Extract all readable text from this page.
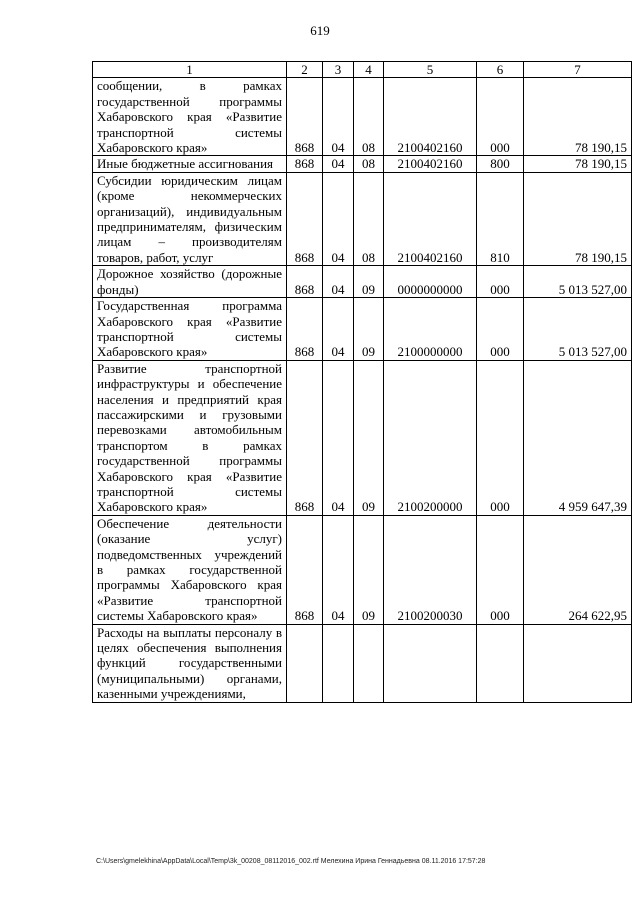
619
1	2	3	4	5	6	7
сообщении, в рамках государственной программы Хабаровского края «Развитие транспортной системы Хабаровского края»	868	04	08	2100402160	000	78 190,15
Иные бюджетные ассигнования	868	04	08	2100402160	800	78 190,15
Субсидии юридическим лицам (кроме некоммерческих организаций), индивидуальным предпринимателям, физическим лицам – производителям товаров, работ, услуг	868	04	08	2100402160	810	78 190,15
Дорожное хозяйство (дорожные фонды)	868	04	09	0000000000	000	5 013 527,00
Государственная программа Хабаровского края «Развитие транспортной системы Хабаровского края»	868	04	09	2100000000	000	5 013 527,00
Развитие транспортной инфраструктуры и обеспечение населения и предприятий края пассажирскими и грузовыми перевозками автомобильным транспортом в рамках государственной программы Хабаровского края «Развитие транспортной системы Хабаровского края»	868	04	09	2100200000	000	4 959 647,39
Обеспечение деятельности (оказание услуг) подведомственных учреждений в рамках государственной программы Хабаровского края «Развитие транспортной системы Хабаровского края»	868	04	09	2100200030	000	264 622,95
Расходы на выплаты персоналу в целях обеспечения выполнения функций государственными (муниципальными) органами, казенными учреждениями,						
C:\Users\gmelekhina\AppData\Local\Temp\3k_00208_08112016_002.rtf Мелехина Ирина Геннадьевна 08.11.2016 17:57:28
